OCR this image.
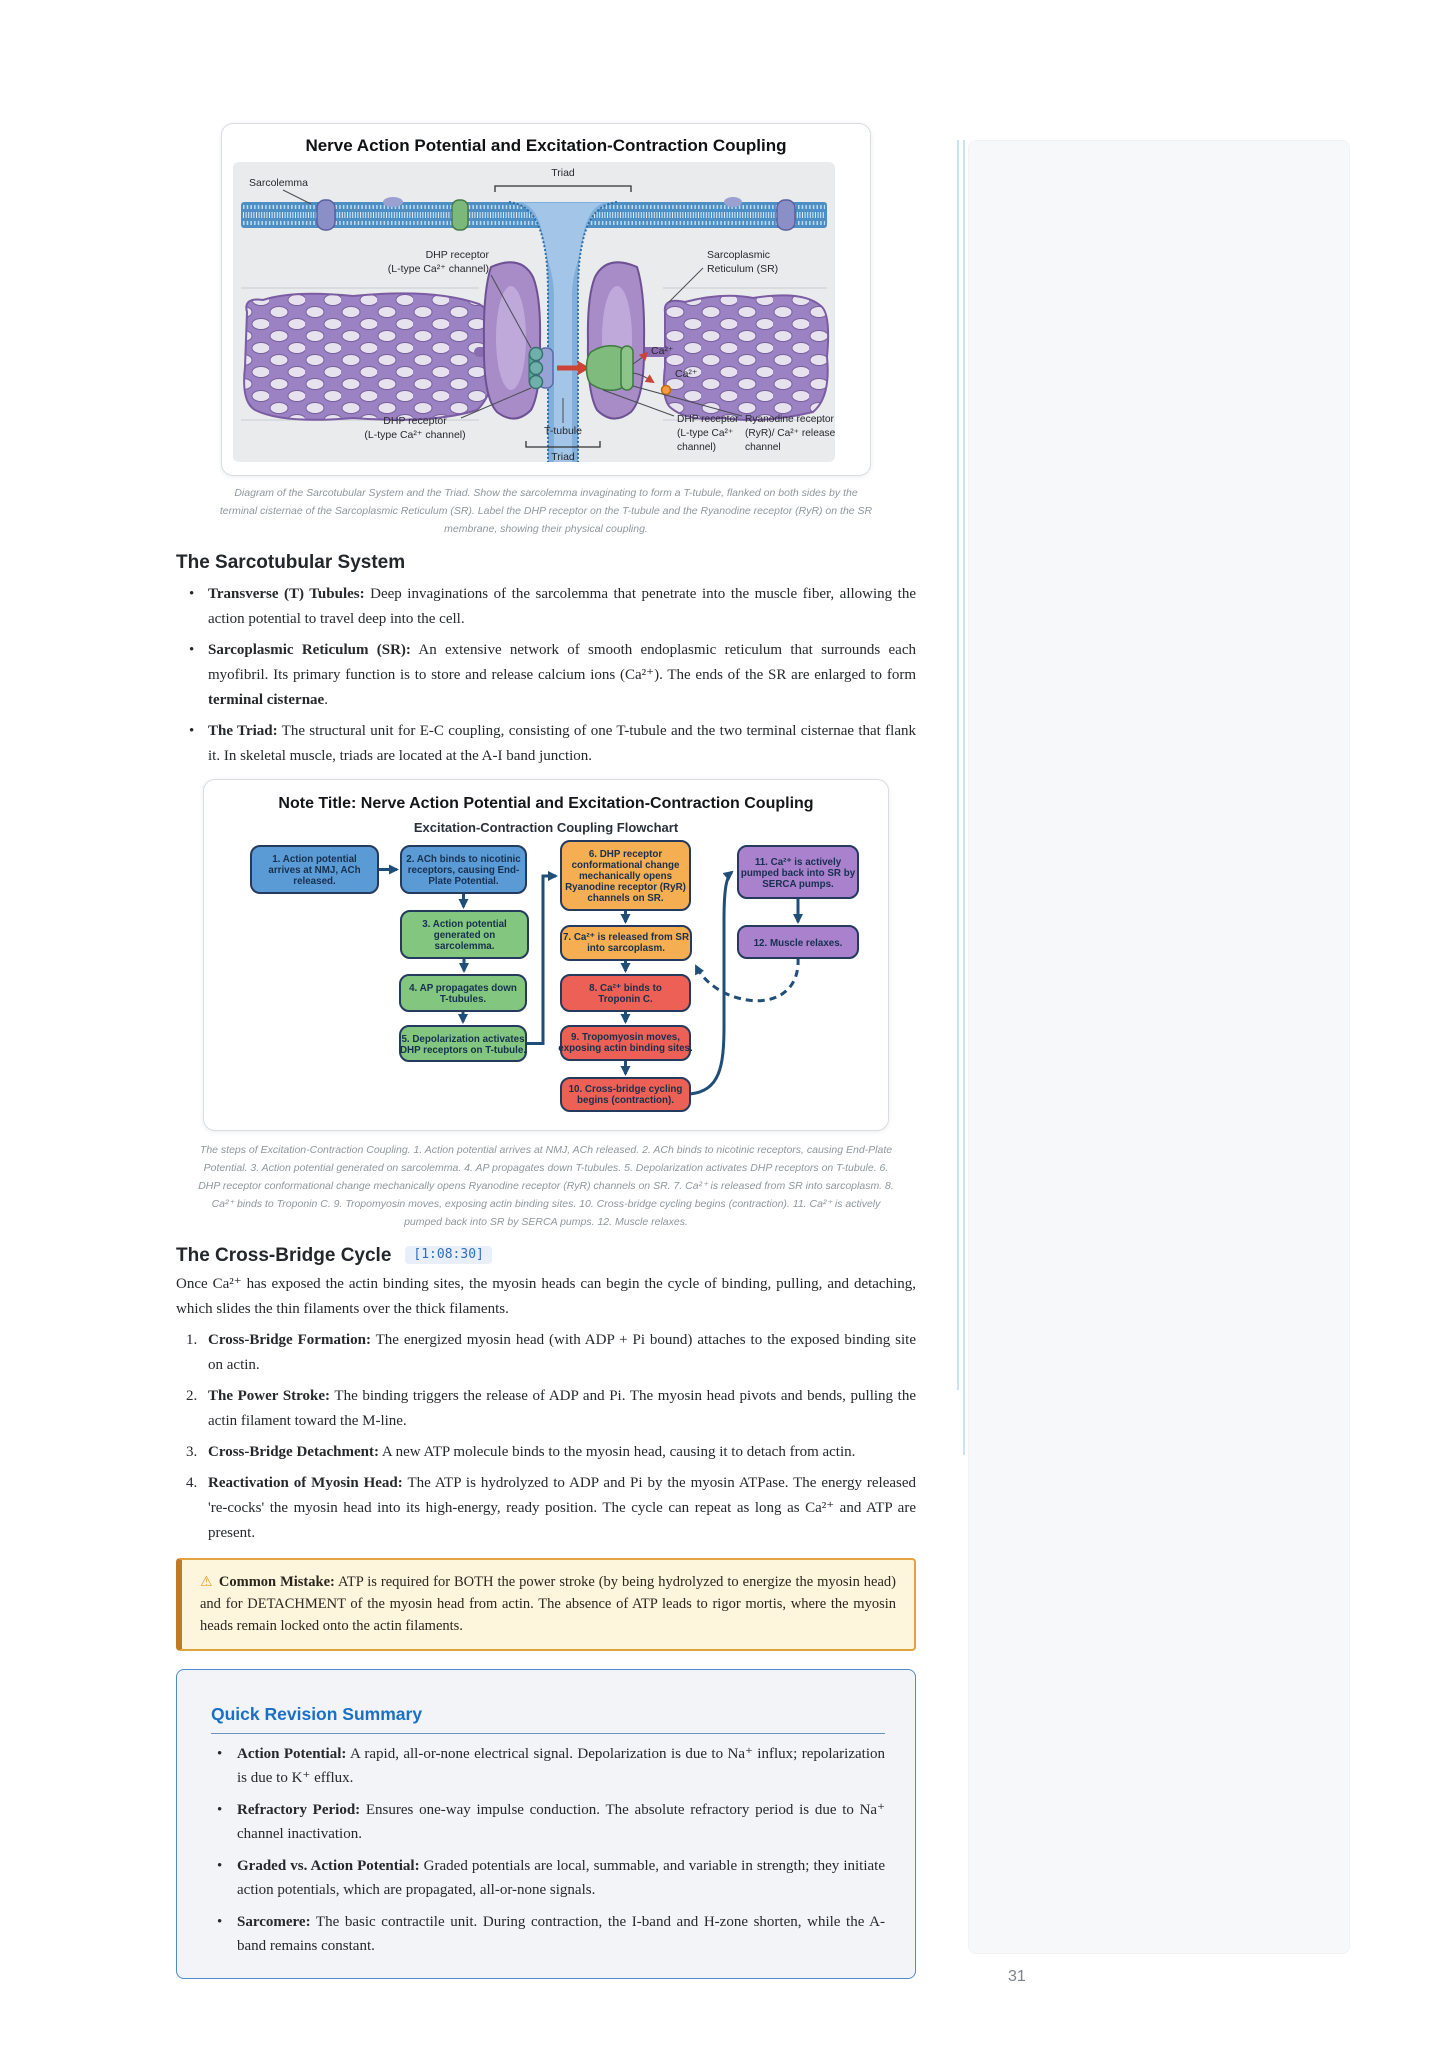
Nerve Action Potential and Excitation-Contraction Coupling
Ca²⁺
Ca²⁺
Sarcolemma
Triad
DHP receptor
(L-type Ca²⁺ channel)
Sarcoplasmic
Reticulum (SR)
DHP receptor
(L-type Ca²⁺ channel)	T-tubule
Triad
DHP receptor
(L-type Ca²⁺
channel)
Ryanodine receptor
(RyR)/ Ca²⁺ release
channel
Diagram of the Sarcotubular System and the Triad. Show the sarcolemma invaginating to form a T-tubule, flanked on both sides by the terminal cisternae of the Sarcoplasmic Reticulum (SR). Label the DHP receptor on the T-tubule and the Ryanodine receptor (RyR) on the SR membrane, showing their physical coupling.
The Sarcotubular System
• Transverse (T) Tubules: Deep invaginations of the sarcolemma that penetrate into the muscle fiber, allowing the action potential to travel deep into the cell.
• Sarcoplasmic Reticulum (SR): An extensive network of smooth endoplasmic reticulum that surrounds each myofibril. Its primary function is to store and release calcium ions (Ca²⁺). The ends of the SR are enlarged to form terminal cisternae.
• The Triad: The structural unit for E-C coupling, consisting of one T-tubule and the two terminal cisternae that flank it. In skeletal muscle, triads are located at the A-I band junction.
Note Title: Nerve Action Potential and Excitation-Contraction Coupling
Excitation-Contraction Coupling Flowchart
1. Action potential arrives at NMJ, ACh released.
2. ACh binds to nicotinic receptors, causing End-Plate Potential.
3. Action potential generated on sarcolemma.
4. AP propagates down T-tubules.
5. Depolarization activates DHP receptors on T-tubule.
6. DHP receptor conformational change mechanically opens Ryanodine receptor (RyR) channels on SR.
7. Ca²⁺ is released from SR into sarcoplasm.
8. Ca²⁺ binds to Troponin C.
9. Tropomyosin moves, exposing actin binding sites.
10. Cross-bridge cycling begins (contraction).
11. Ca²⁺ is actively pumped back into SR by SERCA pumps.
12. Muscle relaxes.
The steps of Excitation-Contraction Coupling. 1. Action potential arrives at NMJ, ACh released. 2. ACh binds to nicotinic receptors, causing End-Plate Potential. 3. Action potential generated on sarcolemma. 4. AP propagates down T-tubules. 5. Depolarization activates DHP receptors on T-tubule. 6. DHP receptor conformational change mechanically opens Ryanodine receptor (RyR) channels on SR. 7. Ca²⁺ is released from SR into sarcoplasm. 8. Ca²⁺ binds to Troponin C. 9. Tropomyosin moves, exposing actin binding sites. 10. Cross-bridge cycling begins (contraction). 11. Ca²⁺ is actively pumped back into SR by SERCA pumps. 12. Muscle relaxes.
The Cross-Bridge Cycle [1:08:30]

Once Ca²⁺ has exposed the actin binding sites, the myosin heads can begin the cycle of binding, pulling, and detaching, which slides the thin filaments over the thick filaments.

Cross-Bridge Formation: The energized myosin head (with ADP + Pi bound) attaches to the exposed binding site on actin.
The Power Stroke: The binding triggers the release of ADP and Pi. The myosin head pivots and bends, pulling the actin filament toward the M-line.
Cross-Bridge Detachment: A new ATP molecule binds to the myosin head, causing it to detach from actin.
Reactivation of Myosin Head: The ATP is hydrolyzed to ADP and Pi by the myosin ATPase. The energy released 're-cocks' the myosin head into its high-energy, ready position. The cycle can repeat as long as Ca²⁺ and ATP are present.
⚠ Common Mistake: ATP is required for BOTH the power stroke (by being hydrolyzed to energize the myosin head) and for DETACHMENT of the myosin head from actin. The absence of ATP leads to rigor mortis, where the myosin heads remain locked onto the actin filaments.
Quick Revision Summary
• Action Potential: A rapid, all-or-none electrical signal. Depolarization is due to Na⁺ influx; repolarization is due to K⁺ efflux.
• Refractory Period: Ensures one-way impulse conduction. The absolute refractory period is due to Na⁺ channel inactivation.
• Graded vs. Action Potential: Graded potentials are local, summable, and variable in strength; they initiate action potentials, which are propagated, all-or-none signals.
• Sarcomere: The basic contractile unit. During contraction, the I-band and H-zone shorten, while the A-band remains constant.
31
